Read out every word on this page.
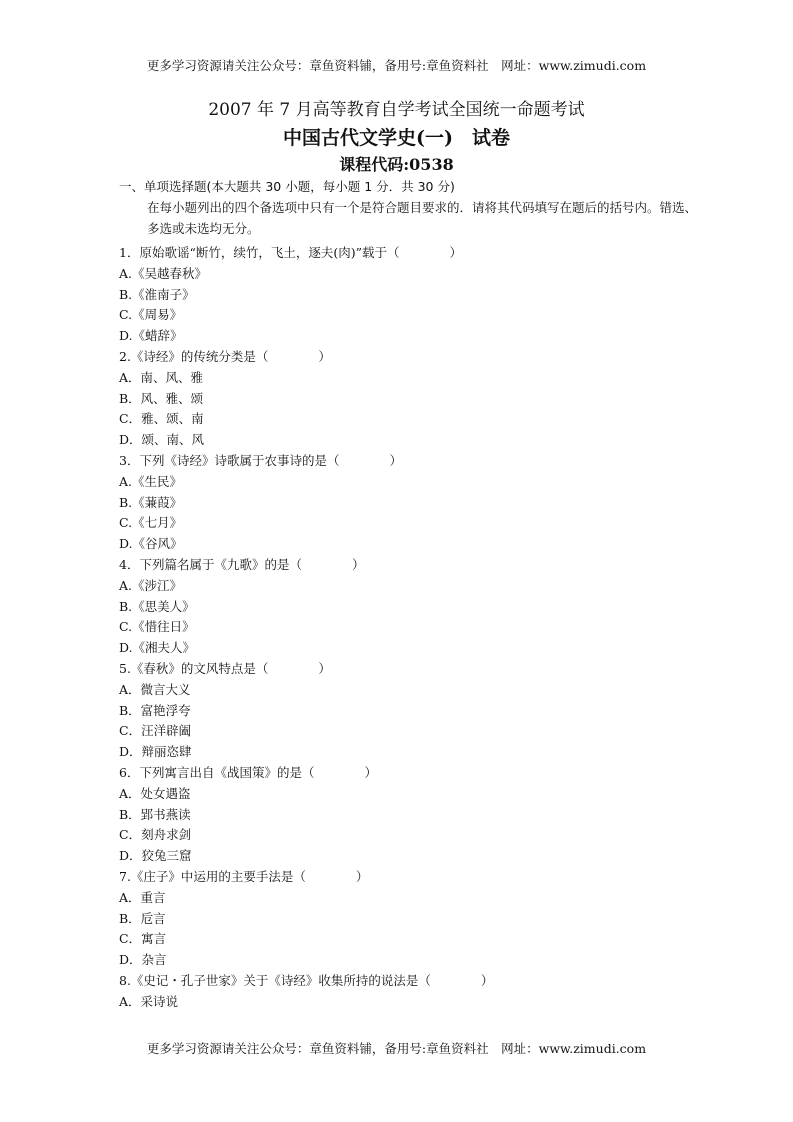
更多学习资源请关注公众号：章鱼资料铺，备用号:章鱼资料社　网址：www.zimudi.com
2007 年 7 月高等教育自学考试全国统一命题考试
中国古代文学史(一)　试卷
课程代码:0538

一、单项选择题(本大题共 30 小题，每小题 1 分．共 30 分)

在每小题列出的四个备选项中只有一个是符合题目要求的．请将其代码填写在题后的括号内。错选、多选或未选均无分。

1．原始歌谣“断竹，续竹，飞土，逐夫(肉)”载于（　　　　）
A.《吴越春秋》
B.《淮南子》
C.《周易》
D.《蜡辞》
2.《诗经》的传统分类是（　　　　）
A．南、风、雅
B．风、雅、颂
C．雅、颂、南
D．颂、南、风
3．下列《诗经》诗歌属于农事诗的是（　　　　）
A.《生民》
B.《蒹葭》
C.《七月》
D.《谷风》
4．下列篇名属于《九歌》的是（　　　　）
A.《涉江》
B.《思美人》
C.《惜往日》
D.《湘夫人》
5.《春秋》的文风特点是（　　　　）
A．微言大义
B．富艳浮夸
C．汪洋辟阖
D．辩丽恣肆
6．下列寓言出自《战国策》的是（　　　　）
A．处女遇盗
B．郢书燕读
C．刻舟求剑
D．狡兔三窟
7.《庄子》中运用的主要手法是（　　　　）
A．重言
B．卮言
C．寓言
D．杂言
8.《史记・孔子世家》关于《诗经》收集所持的说法是（　　　　）
A．采诗说
更多学习资源请关注公众号：章鱼资料铺，备用号:章鱼资料社　网址：www.zimudi.com
